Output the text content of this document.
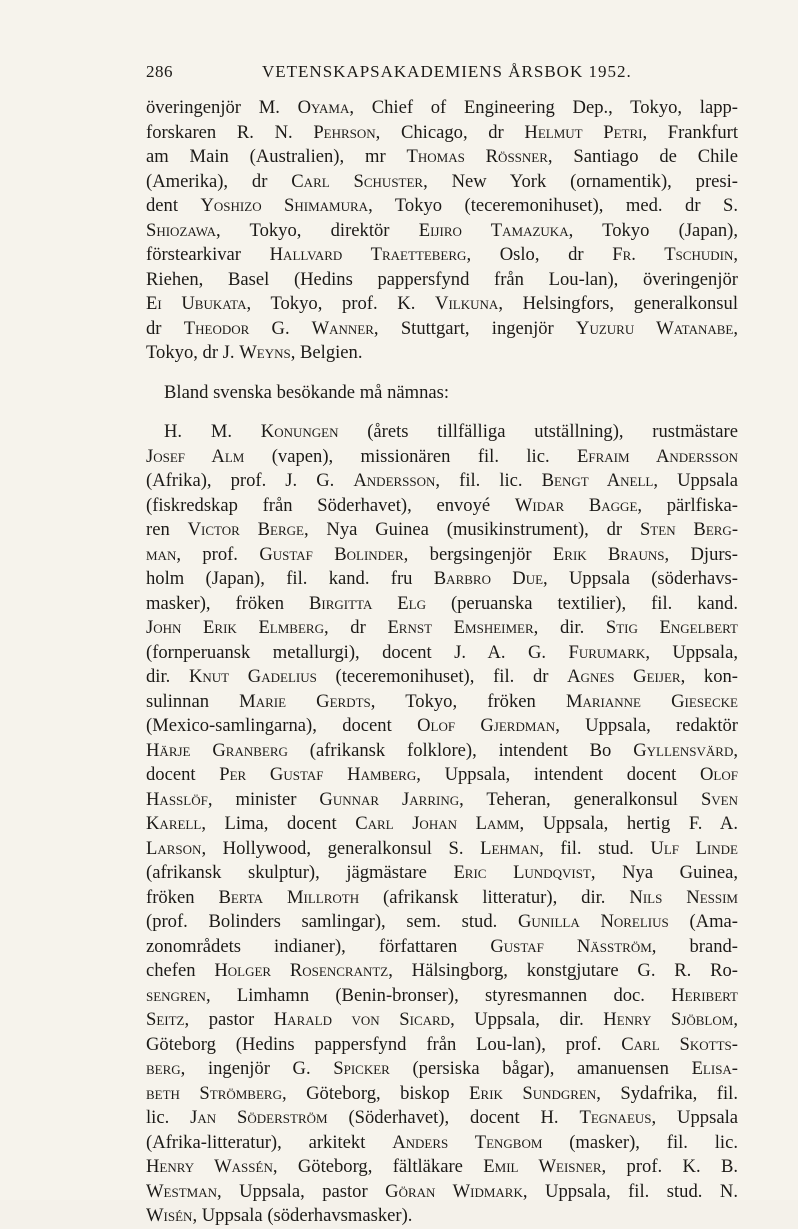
286	VETENSKAPSAKADEMIENS ÅRSBOK 1952.

överingenjör M. Oyama, Chief of Engineering Dep., Tokyo, lapp-
forskaren R. N. Pehrson, Chicago, dr Helmut Petri, Frankfurt
am Main (Australien), mr Thomas Rössner, Santiago de Chile
(Amerika), dr Carl Schuster, New York (ornamentik), presi-
dent Yoshizo Shimamura, Tokyo (teceremonihuset), med. dr S.
Shiozawa, Tokyo, direktör Eijiro Tamazuka, Tokyo (Japan),
förstearkivar Hallvard Traetteberg, Oslo, dr Fr. Tschudin,
Riehen, Basel (Hedins pappersfynd från Lou-lan), överingenjör
Ei Ubukata, Tokyo, prof. K. Vilkuna, Helsingfors, generalkonsul
dr Theodor G. Wanner, Stuttgart, ingenjör Yuzuru Watanabe,
Tokyo, dr J. Weyns, Belgien.

Bland svenska besökande må nämnas:

H. M. Konungen (årets tillfälliga utställning), rustmästare
Josef Alm (vapen), missionären fil. lic. Efraim Andersson
(Afrika), prof. J. G. Andersson, fil. lic. Bengt Anell, Uppsala
(fiskredskap från Söderhavet), envoyé Widar Bagge, pärlfiska-
ren Victor Berge, Nya Guinea (musikinstrument), dr Sten Berg-
man, prof. Gustaf Bolinder, bergsingenjör Erik Brauns, Djurs-
holm (Japan), fil. kand. fru Barbro Due, Uppsala (söderhavs-
masker), fröken Birgitta Elg (peruanska textilier), fil. kand.
John Erik Elmberg, dr Ernst Emsheimer, dir. Stig Engelbert
(fornperuansk metallurgi), docent J. A. G. Furumark, Uppsala,
dir. Knut Gadelius (teceremonihuset), fil. dr Agnes Geijer, kon-
sulinnan Marie Gerdts, Tokyo, fröken Marianne Giesecke
(Mexico-samlingarna), docent Olof Gjerdman, Uppsala, redaktör
Härje Granberg (afrikansk folklore), intendent Bo Gyllensvärd,
docent Per Gustaf Hamberg, Uppsala, intendent docent Olof
Hasslöf, minister Gunnar Jarring, Teheran, generalkonsul Sven
Karell, Lima, docent Carl Johan Lamm, Uppsala, hertig F. A.
Larson, Hollywood, generalkonsul S. Lehman, fil. stud. Ulf Linde
(afrikansk skulptur), jägmästare Eric Lundqvist, Nya Guinea,
fröken Berta Millroth (afrikansk litteratur), dir. Nils Nessim
(prof. Bolinders samlingar), sem. stud. Gunilla Norelius (Ama-
zonområdets indianer), författaren Gustaf Näsström, brand-
chefen Holger Rosencrantz, Hälsingborg, konstgjutare G. R. Ro-
sengren, Limhamn (Benin-bronser), styresmannen doc. Heribert
Seitz, pastor Harald von Sicard, Uppsala, dir. Henry Sjöblom,
Göteborg (Hedins pappersfynd från Lou-lan), prof. Carl Skotts-
berg, ingenjör G. Spicker (persiska bågar), amanuensen Elisa-
beth Strömberg, Göteborg, biskop Erik Sundgren, Sydafrika, fil.
lic. Jan Söderström (Söderhavet), docent H. Tegnaeus, Uppsala
(Afrika-litteratur), arkitekt Anders Tengbom (masker), fil. lic.
Henry Wassén, Göteborg, fältläkare Emil Weisner, prof. K. B.
Westman, Uppsala, pastor Göran Widmark, Uppsala, fil. stud. N.
Wisén, Uppsala (söderhavsmasker).
